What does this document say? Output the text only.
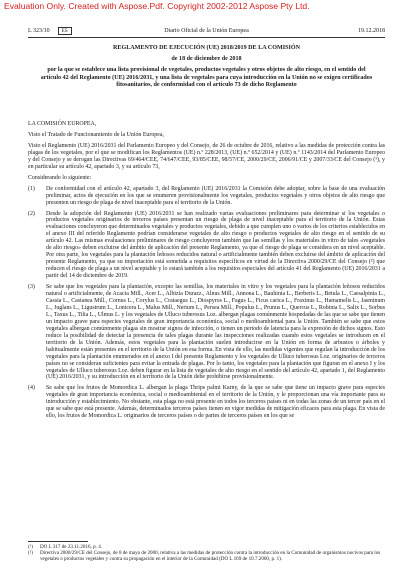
Evaluation Only. Created with Aspose.Pdf. Copyright 2002-2012 Aspose Pty Ltd.
L 323/10	ES	Diario Oficial de la Unión Europea	19.12.2018
REGLAMENTO DE EJECUCIÓN (UE) 2018/2019 DE LA COMISIÓN
de 18 de diciembre de 2018
por la que se establece una lista provisional de vegetales, productos vegetales y otros objetos de alto riesgo, en el sentido del artículo 42 del Reglamento (UE) 2016/2031, y una lista de vegetales para cuya introducción en la Unión no se exigen certificados fitosanitarios, de conformidad con el artículo 73 de dicho Reglamento

LA COMISIÓN EUROPEA,

Visto el Tratado de Funcionamiento de la Unión Europea,

Visto el Reglamento (UE) 2016/2031 del Parlamento Europeo y del Consejo, de 26 de octubre de 2016, relativo a las medidas de protección contra las plagas de los vegetales, por el que se modifican los Reglamentos (UE) n.º 228/2013, (UE) n.º 652/2014 y (UE) n.º 1143/2014 del Parlamento Europeo y del Consejo y se derogan las Directivas 69/464/CEE, 74/647/CEE, 93/85/CEE, 98/57/CE, 2000/29/CE, 2006/91/CE y 2007/33/CE del Consejo (¹), y en particular su artículo 42, apartado 3, y su artículo 73,

Considerando lo siguiente:

(1)	De conformidad con el artículo 42, apartado 3, del Reglamento (UE) 2016/2031 la Comisión debe adoptar, sobre la base de una evaluación preliminar, actos de ejecución en los que se enumeren provisionalmente los vegetales, productos vegetales y otros objetos de alto riesgo que presenten un riesgo de plaga de nivel inaceptable para el territorio de la Unión.
(2)	Desde la adopción del Reglamento (UE) 2016/2031 se han realizado varias evaluaciones preliminares para determinar si los vegetales o productos vegetales originarios de terceros países presentan un riesgo de plaga de nivel inaceptable para el territorio de la Unión. Estas evaluaciones concluyeron que determinados vegetales y productos vegetales, debido a que cumplen uno o varios de los criterios establecidos en el anexo III del referido Reglamento podrían considerarse vegetales de alto riesgo o productos vegetales de alto riesgo en el sentido de su artículo 42. Las mismas evaluaciones preliminares de riesgo concluyeron también que las semillas y los materiales in vitro de tales «vegetales de alto riesgo» deben excluirse del ámbito de aplicación del presente Reglamento, ya que el riesgo de plaga se considera en un nivel aceptable. Por otra parte, los vegetales para la plantación leñosos reducidos natural o artificialmente también deben excluirse del ámbito de aplicación del presente Reglamento, ya que su importación está sometida a requisitos específicos en virtud de la Directiva 2000/29/CE del Consejo (²) que reducen el riesgo de plaga a un nivel aceptable y lo estará también a los requisitos especiales del artículo 41 del Reglamento (UE) 2016/2031 a partir del 14 de diciembre de 2019.
(3)	Se sabe que los vegetales para la plantación, excepto las semillas, los materiales in vitro y los vegetales para la plantación leñosos reducidos natural o artificialmente, de Acacia Mill., Acer L., Albizia Durazz., Alnus Mill., Annona L., Bauhinia L., Berberis L., Betula L., Caesalpinia L., Cassia L., Castanea Mill., Cornus L., Corylus L., Crataegus L., Diospyros L., Fagus L., Ficus carica L., Fraxinus L., Hamamelis L., Jasminum L., Juglans L., Ligustrum L., Lonicera L., Malus Mill., Nerium L., Persea Mill., Populus L., Prunus L., Quercus L., Robinia L., Salix L., Sorbus L., Taxus L., Tilia L., Ulmus L. y los vegetales de Ulluco tuberosus Loz. albergan plagas comúnmente hospedadas de las que se sabe que tienen un impacto grave para especies vegetales de gran importancia económica, social o medioambiental para la Unión. También se sabe que estos vegetales albergan comúnmente plagas sin mostrar signos de infección, o tienen un periodo de latencia para la expresión de dichos signos. Esto reduce la posibilidad de detectar la presencia de tales plagas durante las inspecciones realizadas cuando estos vegetales se introducen en el territorio de la Unión. Además, estos vegetales para la plantación suelen introducirse en la Unión en forma de arbustos o árboles y habitualmente están presentes en el territorio de la Unión en esa forma. En vista de ello, las medidas vigentes que regulan la introducción de los vegetales para la plantación enumerados en el anexo I del presente Reglamento y los vegetales de Ulluco tuberosus Loz. originarios de terceros países no se consideran suficientes para evitar la entrada de plagas. Por lo tanto, los vegetales para la plantación que figuran en el anexo I y los vegetales de Ulluco tuberosus Loz. deben figurar en la lista de vegetales de alto riesgo en el sentido del artículo 42, apartado 1, del Reglamento (UE) 2016/2031, y su introducción en el territorio de la Unión debe prohibirse provisionalmente.
(4)	Se sabe que los frutos de Momordica L. albergan la plaga Thrips palmi Karny, de la que se sabe que tiene un impacto grave para especies vegetales de gran importancia económica, social o medioambiental en el territorio de la Unión, y le proporcionan una vía importante para su introducción y establecimiento. No obstante, esta plaga no está presente en todos los terceros países ni en todas las zonas de un tercer país en el que se sabe que está presente. Además, determinados terceros países tienen en vigor medidas de mitigación eficaces para esta plaga. En vista de ello, los frutos de Momordica L. originarios de terceros países o de partes de terceros países en los que se
(¹)	DO L 317 de 23.11.2016, p. 4.
(²)	Directiva 2000/29/CE del Consejo, de 8 de mayo de 2000, relativa a las medidas de protección contra la introducción en la Comunidad de organismos nocivos para los vegetales o productos vegetales y contra su propagación en el interior de la Comunidad (DO L 169 de 10.7.2000, p. 1).
